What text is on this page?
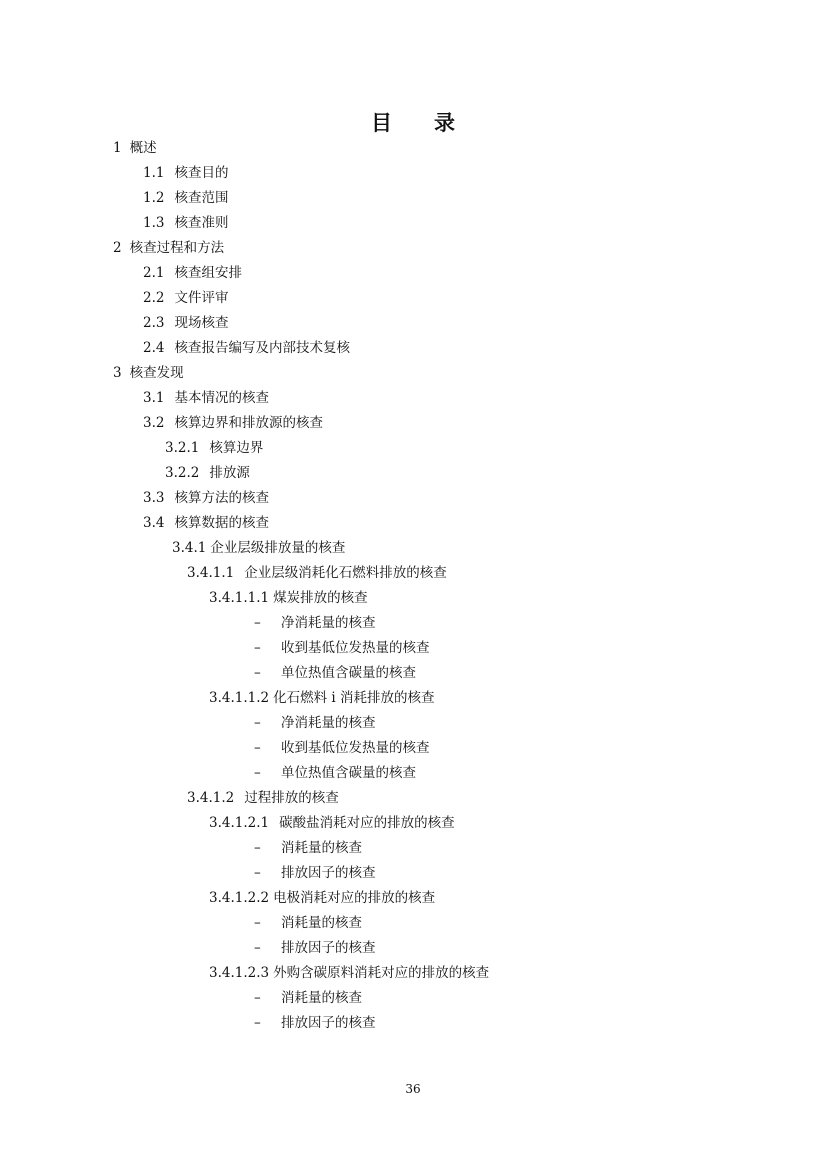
目 录
1 概述
1.1 核查目的
1.2 核查范围
1.3 核查准则
2 核查过程和方法
2.1 核查组安排
2.2 文件评审
2.3 现场核查
2.4 核查报告编写及内部技术复核
3 核查发现
3.1 基本情况的核查
3.2 核算边界和排放源的核查
3.2.1 核算边界
3.2.2 排放源
3.3 核算方法的核查
3.4 核算数据的核查
3.4.1 企业层级排放量的核查
3.4.1.1 企业层级消耗化石燃料排放的核查
3.4.1.1.1 煤炭排放的核查
– 净消耗量的核查
– 收到基低位发热量的核查
– 单位热值含碳量的核查
3.4.1.1.2 化石燃料 i 消耗排放的核查
– 净消耗量的核查
– 收到基低位发热量的核查
– 单位热值含碳量的核查
3.4.1.2 过程排放的核查
3.4.1.2.1 碳酸盐消耗对应的排放的核查
– 消耗量的核查
– 排放因子的核查
3.4.1.2.2 电极消耗对应的排放的核查
– 消耗量的核查
– 排放因子的核查
3.4.1.2.3 外购含碳原料消耗对应的排放的核查
– 消耗量的核查
– 排放因子的核查
36
